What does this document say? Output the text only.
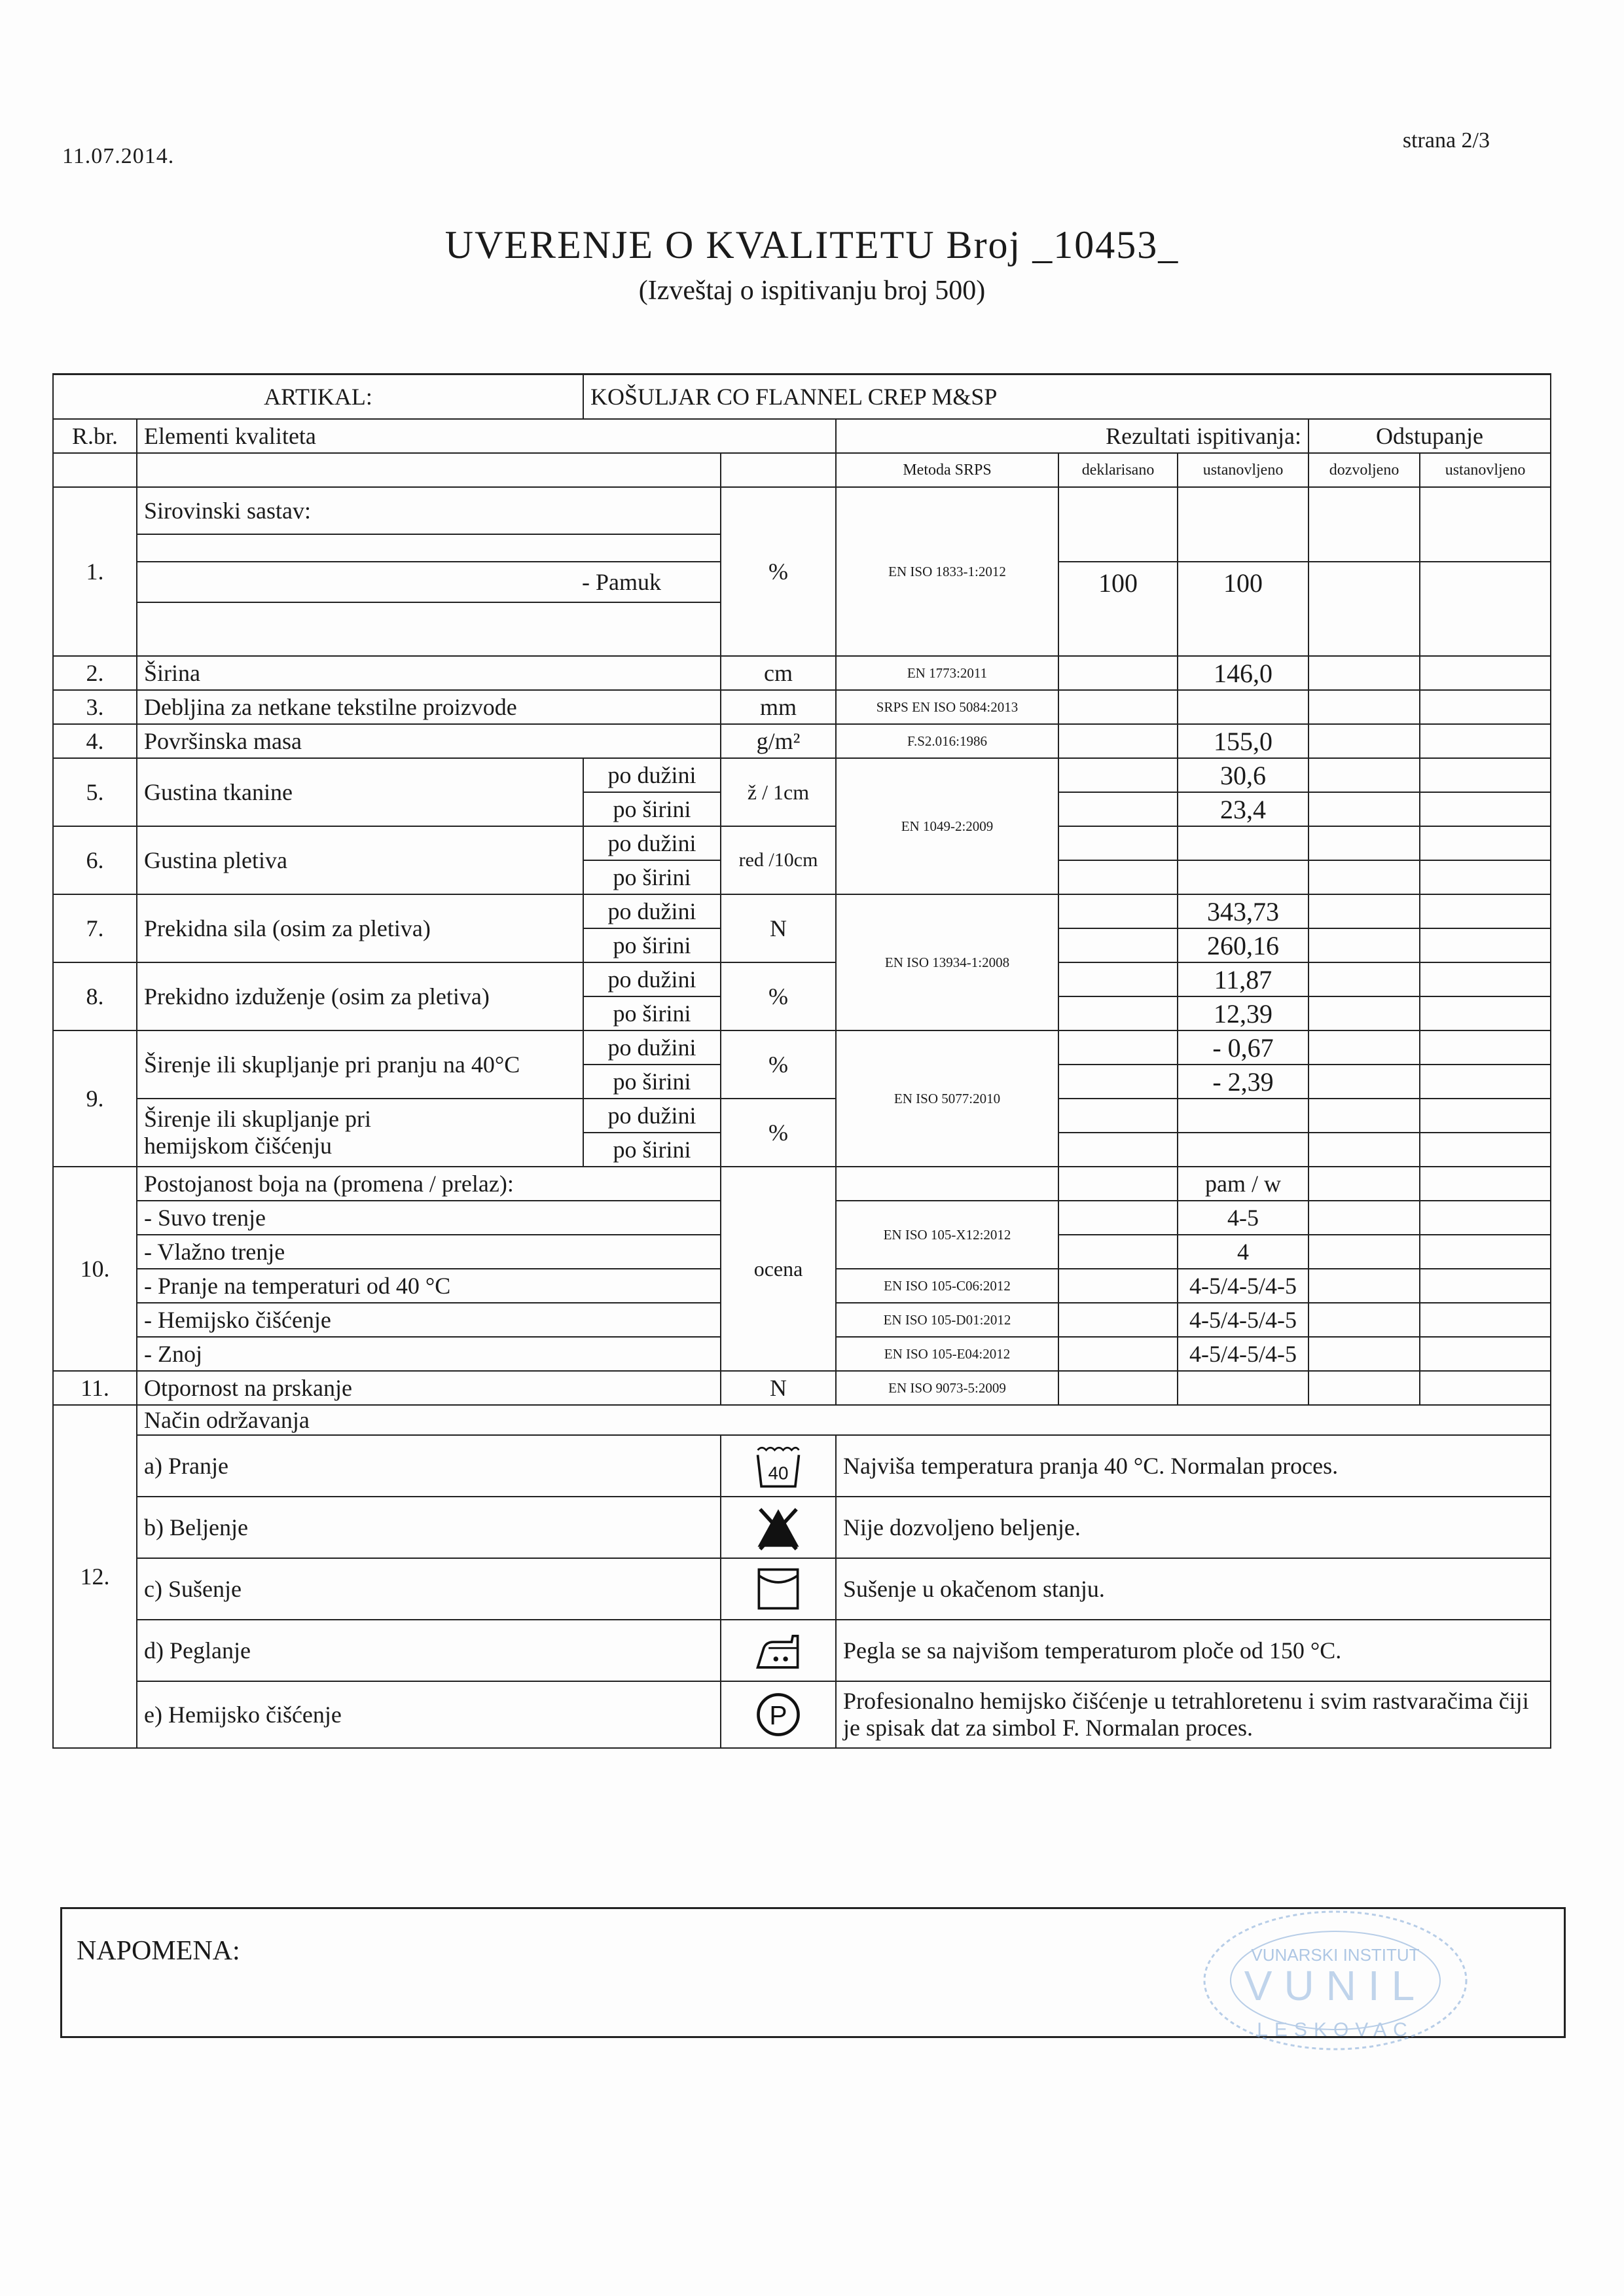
11.07.2014.
strana 2/3
UVERENJE O KVALITETU Broj _10453_
(Izveštaj o ispitivanju broj 500)
ARTIKAL:		KOŠULJAR CO FLANNEL CREP M&SP						
R.br.	Elementi kvaliteta			Rezultati ispitivanja:			Odstupanje	
				Metoda SRPS	deklarisano	ustanovljeno	dozvoljeno	ustanovljeno
1.	Sirovinski sastav:		%	EN ISO 1833-1:2012				

	- Pamuk				100	100		

2.	Širina		cm	EN 1773:2011		146,0		
3.	Debljina za netkane tekstilne proizvode		mm	SRPS EN ISO 5084:2013				
4.	Površinska masa		g/m²	F.S2.016:1986		155,0		
5.	Gustina tkanine	po dužini	ž / 1cm	EN 1049-2:2009		30,6		
		po širini				23,4		
6.	Gustina pletiva	po dužini	red /10cm					
		po širini						
7.	Prekidna sila (osim za pletiva)	po dužini	N	EN ISO 13934-1:2008		343,73		
		po širini				260,16		
8.	Prekidno izduženje (osim za pletiva)	po dužini	%			11,87		
		po širini				12,39		
9.	Širenje ili skupljanje pri pranju na 40°C	po dužini	%	EN ISO 5077:2010		- 0,67		
		po širini				- 2,39		
	Širenje ili skupljanje pri
hemijskom čišćenju	po dužini	%					
		po širini						
10.	Postojanost boja na (promena / prelaz):		ocena			pam / w		
	- Suvo trenje			EN ISO 105-X12:2012		4-5		
	- Vlažno trenje					4		
	- Pranje na temperaturi od 40 °C			EN ISO 105-C06:2012		4-5/4-5/4-5		
	- Hemijsko čišćenje			EN ISO 105-D01:2012		4-5/4-5/4-5		
	- Znoj			EN ISO 105-E04:2012		4-5/4-5/4-5		
11.	Otpornost na prskanje		N	EN ISO 9073-5:2009				
12.	Način održavanja							
	a) Pranje		40	Najviša temperatura pranja 40 °C. Normalan proces.				
	b) Beljenje			Nije dozvoljeno beljenje.				
	c) Sušenje			Sušenje u okačenom stanju.				
	d) Peglanje			Pegla se sa najvišom temperaturom ploče od 150 °C.				
	e) Hemijsko čišćenje		P	Profesionalno hemijsko čišćenje u tetrahloretenu i svim rastvaračima čiji je spisak dat za simbol F. Normalan proces.				
NAPOMENA:	VUNARSKI INSTITUT
VUNIL
LESKOVAC
